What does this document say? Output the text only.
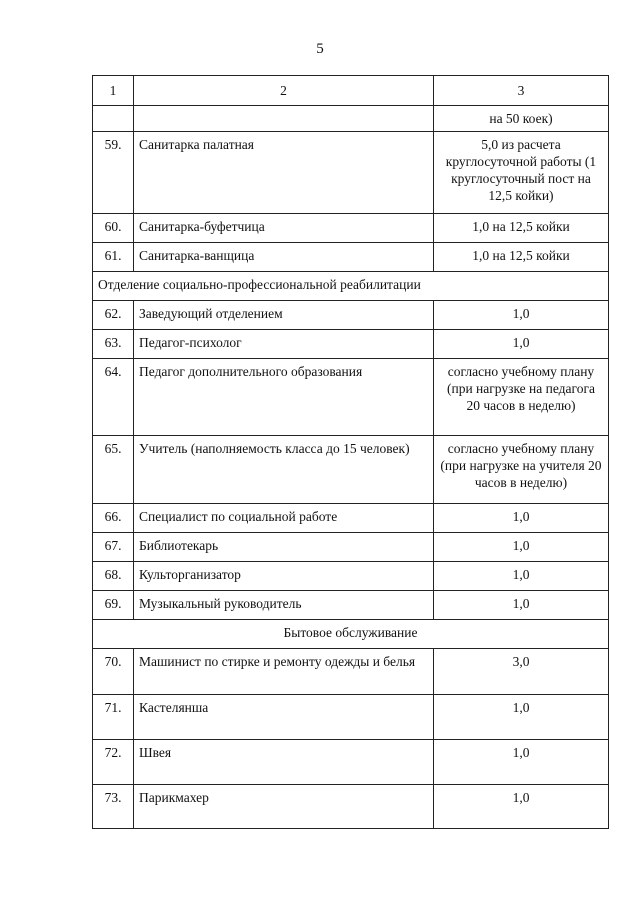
5
1	2	3
		на 50 коек)
59.	Санитарка палатная	5,0 из расчета круглосуточной работы (1 круглосуточный пост на 12,5 койки)
60.	Санитарка-буфетчица	1,0 на 12,5 койки
61.	Санитарка-ванщица	1,0 на 12,5 койки
Отделение социально-профессиональной реабилитации		
62.	Заведующий отделением	1,0
63.	Педагог-психолог	1,0
64.	Педагог дополнительного образования	согласно учебному плану (при нагрузке на педагога 20 часов в неделю)
65.	Учитель (наполняемость класса до 15 человек)	согласно учебному плану (при нагрузке на учителя 20 часов в неделю)
66.	Специалист по социальной работе	1,0
67.	Библиотекарь	1,0
68.	Культорганизатор	1,0
69.	Музыкальный руководитель	1,0
Бытовое обслуживание		
70.	Машинист по стирке и ремонту одежды и белья	3,0
71.	Кастелянша	1,0
72.	Швея	1,0
73.	Парикмахер	1,0
